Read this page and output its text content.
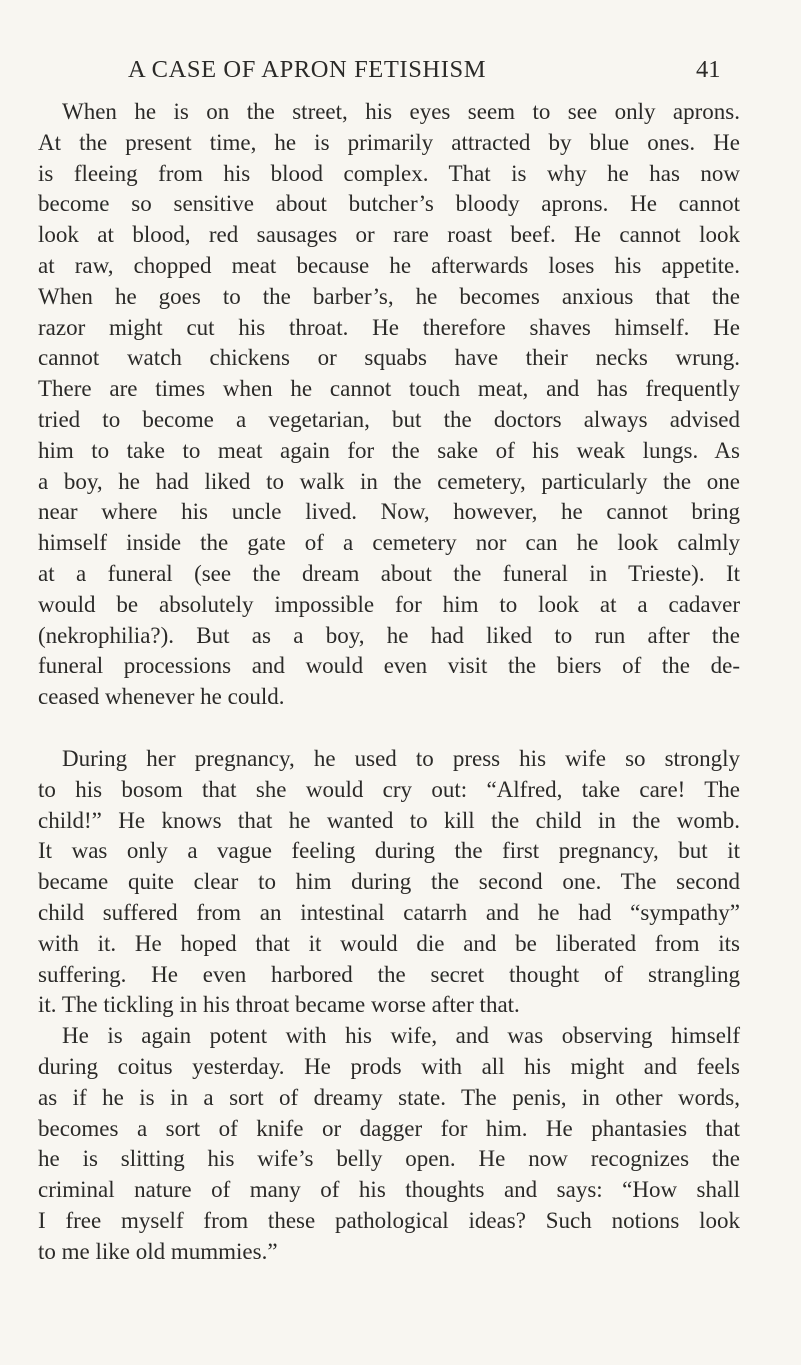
A CASE OF APRON FETISHISM	41
When he is on the street, his eyes seem to see only aprons.
At the present time, he is primarily attracted by blue ones. He
is fleeing from his blood complex. That is why he has now
become so sensitive about butcher’s bloody aprons. He cannot
look at blood, red sausages or rare roast beef. He cannot look
at raw, chopped meat because he afterwards loses his appetite.
When he goes to the barber’s, he becomes anxious that the
razor might cut his throat. He therefore shaves himself. He
cannot watch chickens or squabs have their necks wrung.
There are times when he cannot touch meat, and has frequently
tried to become a vegetarian, but the doctors always advised
him to take to meat again for the sake of his weak lungs. As
a boy, he had liked to walk in the cemetery, particularly the one
near where his uncle lived. Now, however, he cannot bring
himself inside the gate of a cemetery nor can he look calmly
at a funeral (see the dream about the funeral in Trieste). It
would be absolutely impossible for him to look at a cadaver
(nekrophilia?). But as a boy, he had liked to run after the
funeral processions and would even visit the biers of the de-
ceased whenever he could.
During her pregnancy, he used to press his wife so strongly
to his bosom that she would cry out: “Alfred, take care! The
child!” He knows that he wanted to kill the child in the womb.
It was only a vague feeling during the first pregnancy, but it
became quite clear to him during the second one. The second
child suffered from an intestinal catarrh and he had “sympathy”
with it. He hoped that it would die and be liberated from its
suffering. He even harbored the secret thought of strangling
it. The tickling in his throat became worse after that.
He is again potent with his wife, and was observing himself
during coitus yesterday. He prods with all his might and feels
as if he is in a sort of dreamy state. The penis, in other words,
becomes a sort of knife or dagger for him. He phantasies that
he is slitting his wife’s belly open. He now recognizes the
criminal nature of many of his thoughts and says: “How shall
I free myself from these pathological ideas? Such notions look
to me like old mummies.”
